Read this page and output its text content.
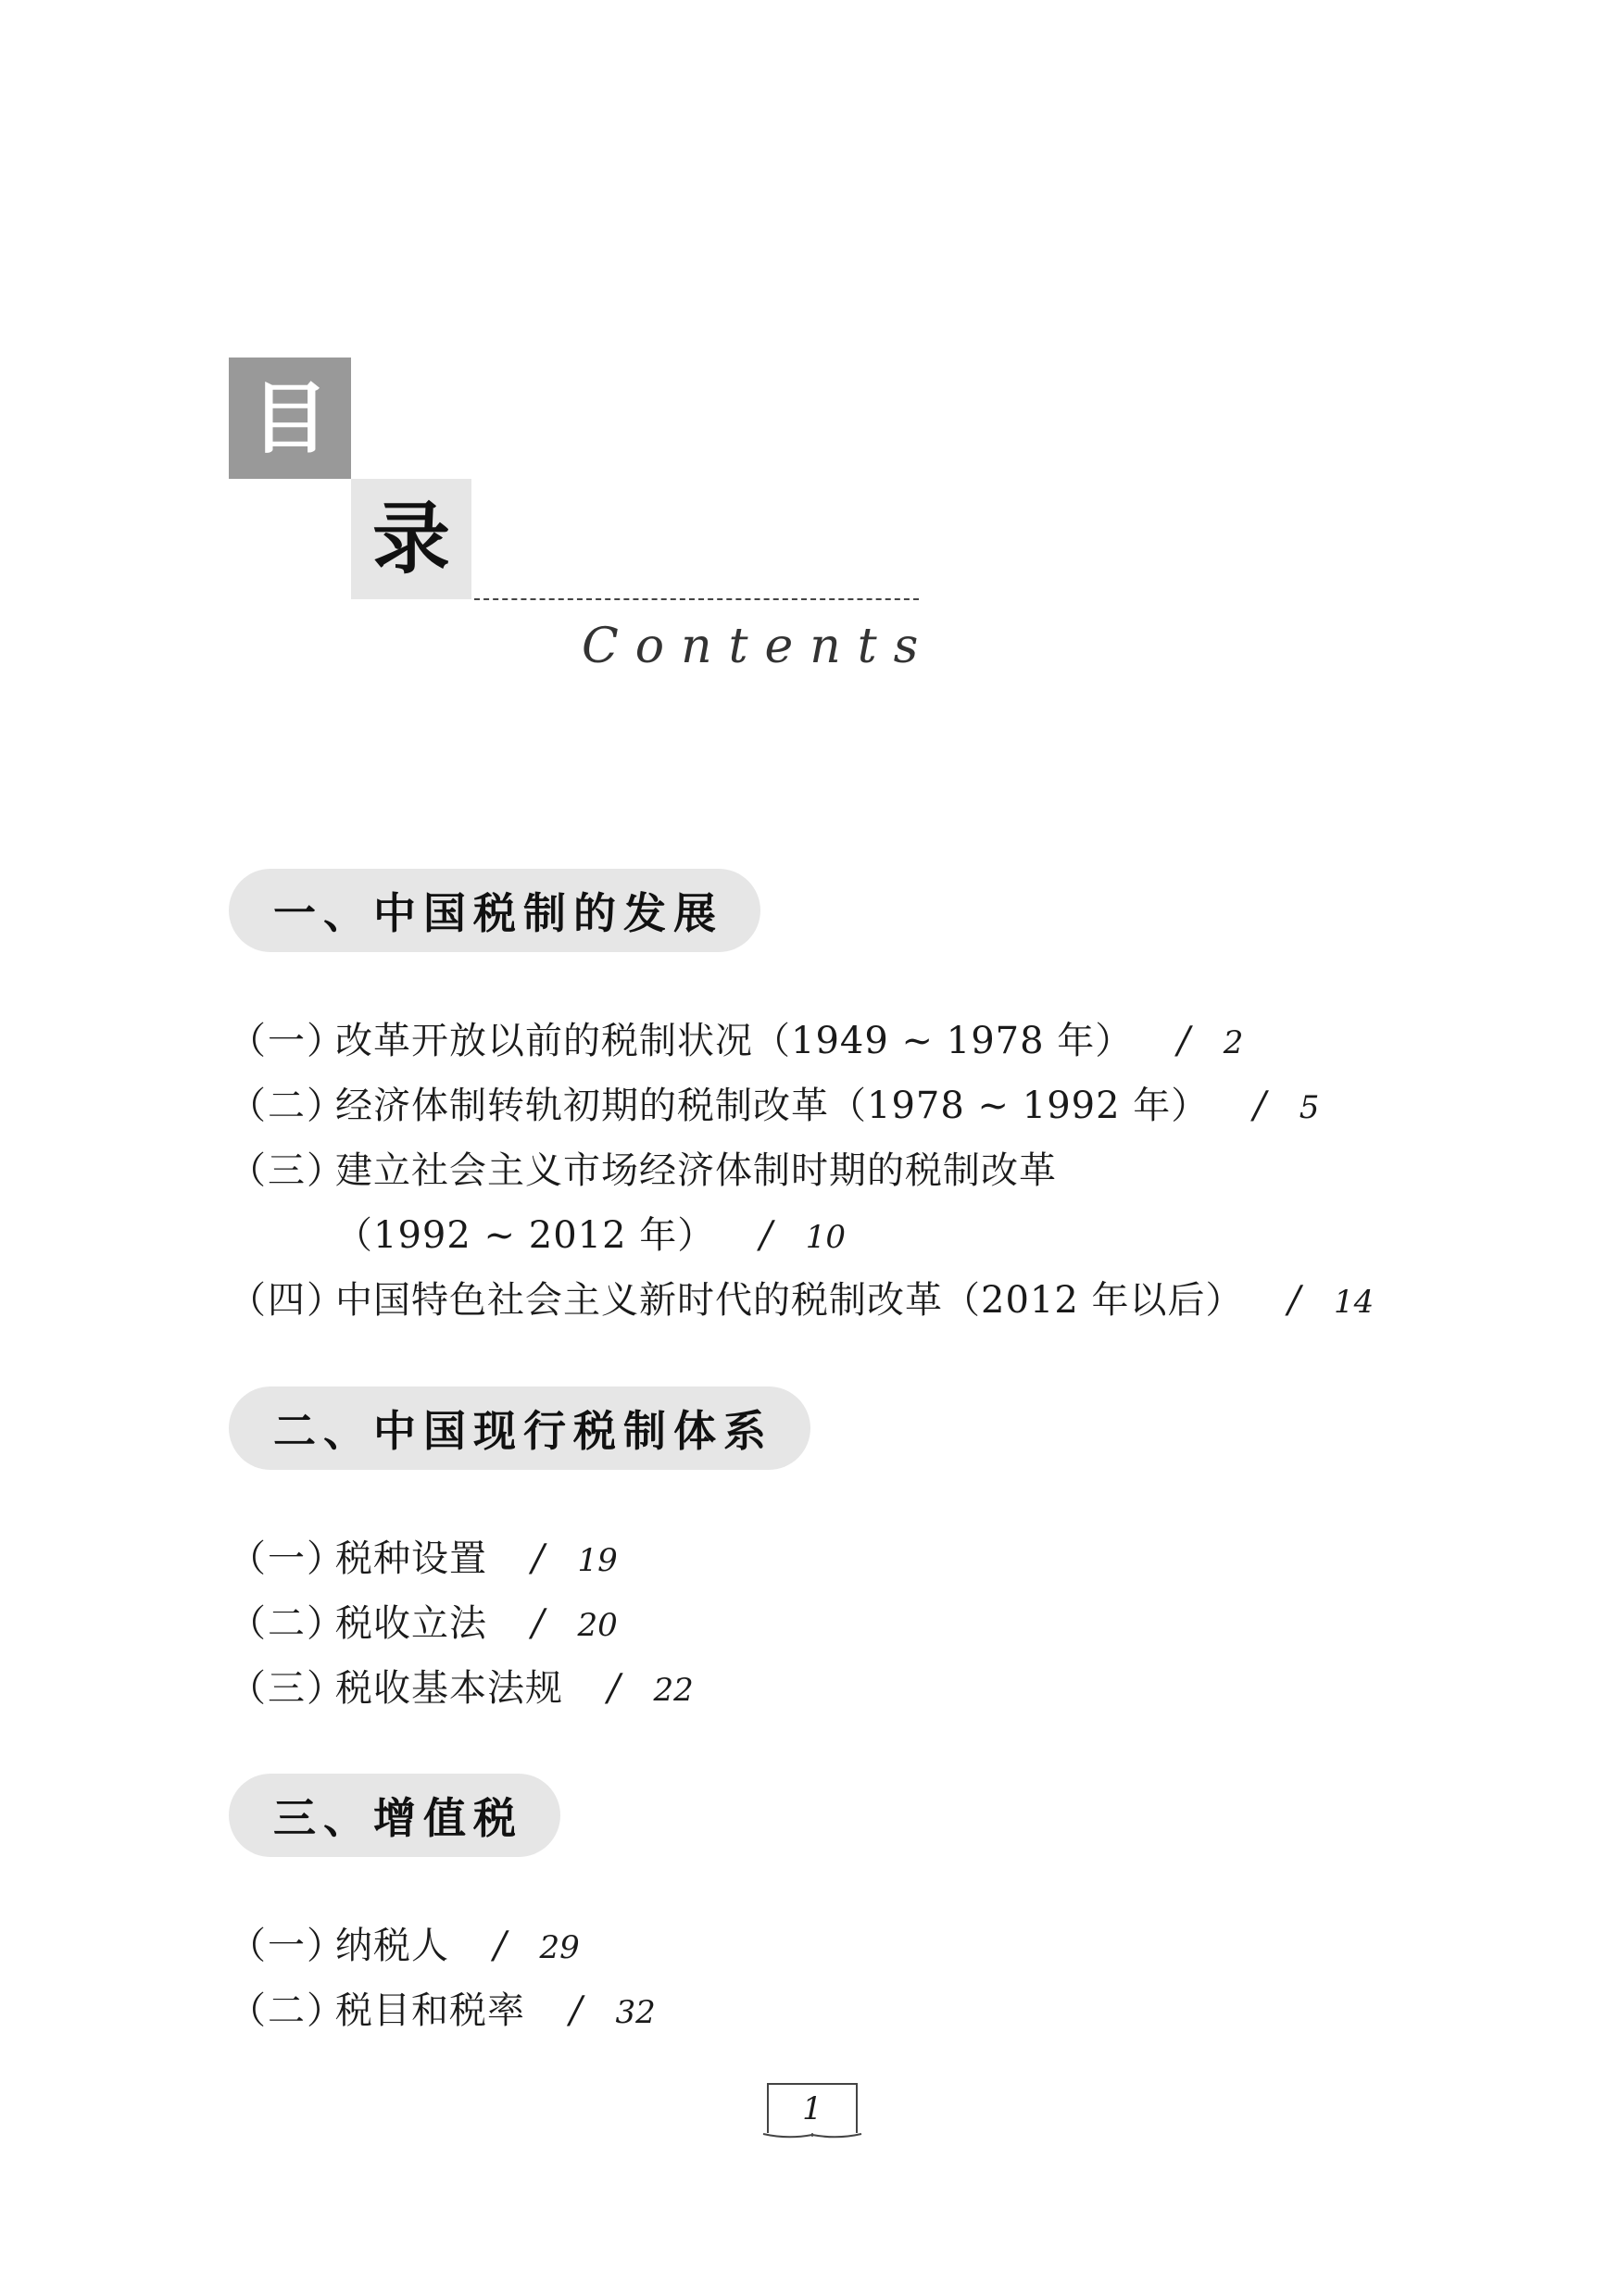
目
录
Contents
一、中国税制的发展
（一）
改革开放以前的税制状况（1949 ~ 1978 年） / 2
（二）
经济体制转轨初期的税制改革（1978 ~ 1992 年） / 5
（三）
建立社会主义市场经济体制时期的税制改革
（1992 ~ 2012 年） / 10
（四）
中国特色社会主义新时代的税制改革（2012 年以后） / 14
二、中国现行税制体系
（一）
税种设置 / 19
（二）
税收立法 / 20
（三）
税收基本法规 / 22
三、增值税
（一）
纳税人 / 29
（二）
税目和税率 / 32
1
